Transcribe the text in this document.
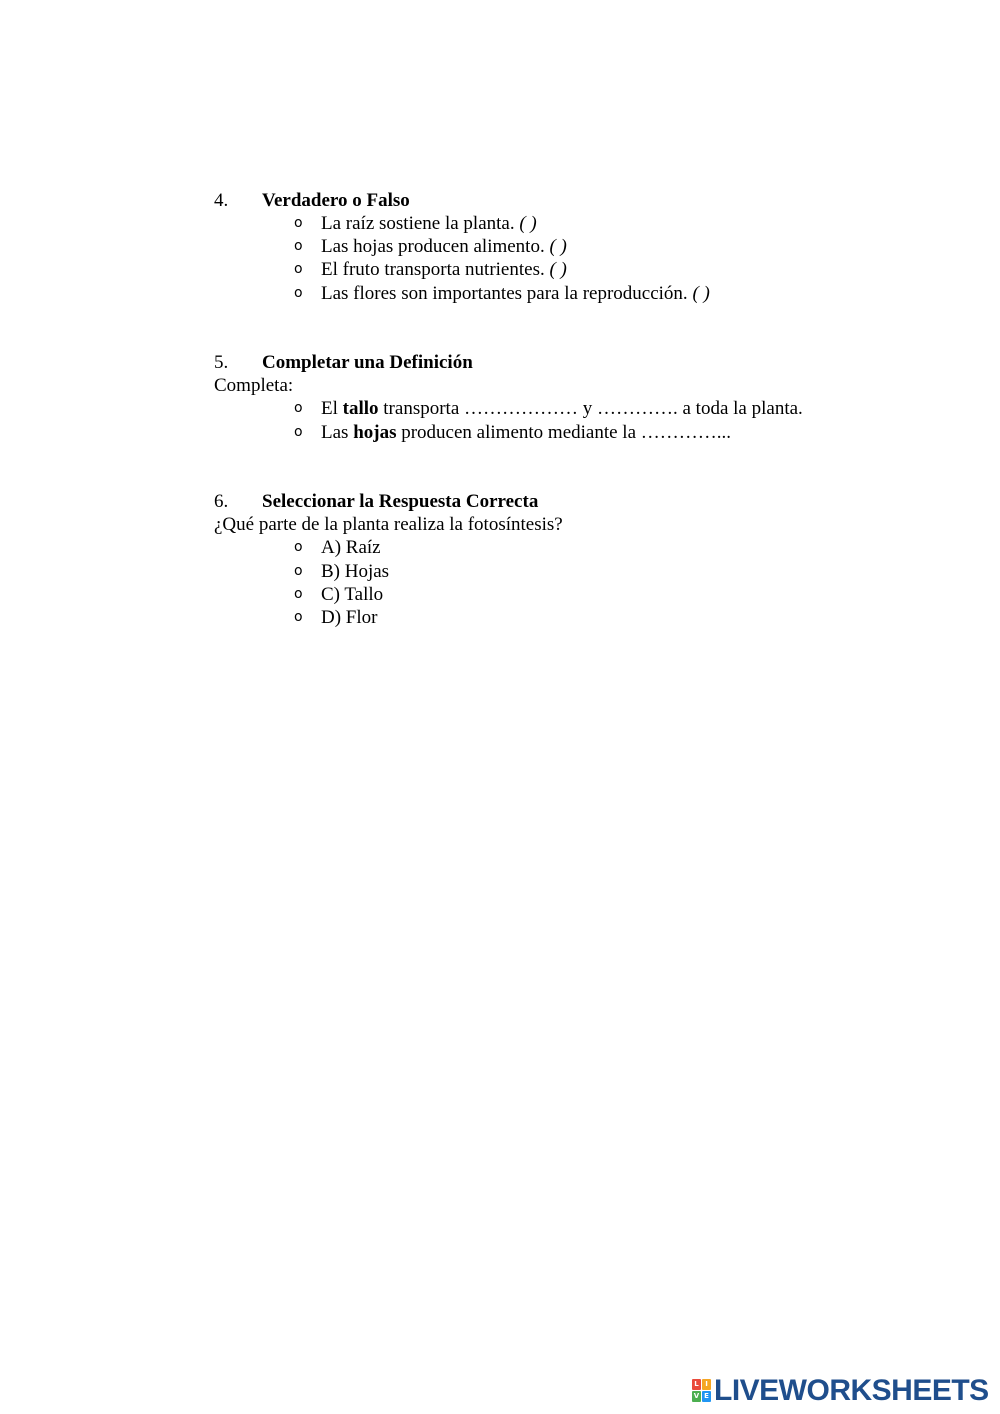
4. Verdadero o Falso
o La raíz sostiene la planta. ( )
o Las hojas producen alimento. ( )
o El fruto transporta nutrientes. ( )
o Las flores son importantes para la reproducción. ( )
5. Completar una Definición
Completa:
o El tallo transporta ……………… y …………. a toda la planta.
o Las hojas producen alimento mediante la …………...
6. Seleccionar la Respuesta Correcta
¿Qué parte de la planta realiza la fotosíntesis?
o A) Raíz
o B) Hojas
o C) Tallo
o D) Flor
L I
V E LIVEWORKSHEETS
